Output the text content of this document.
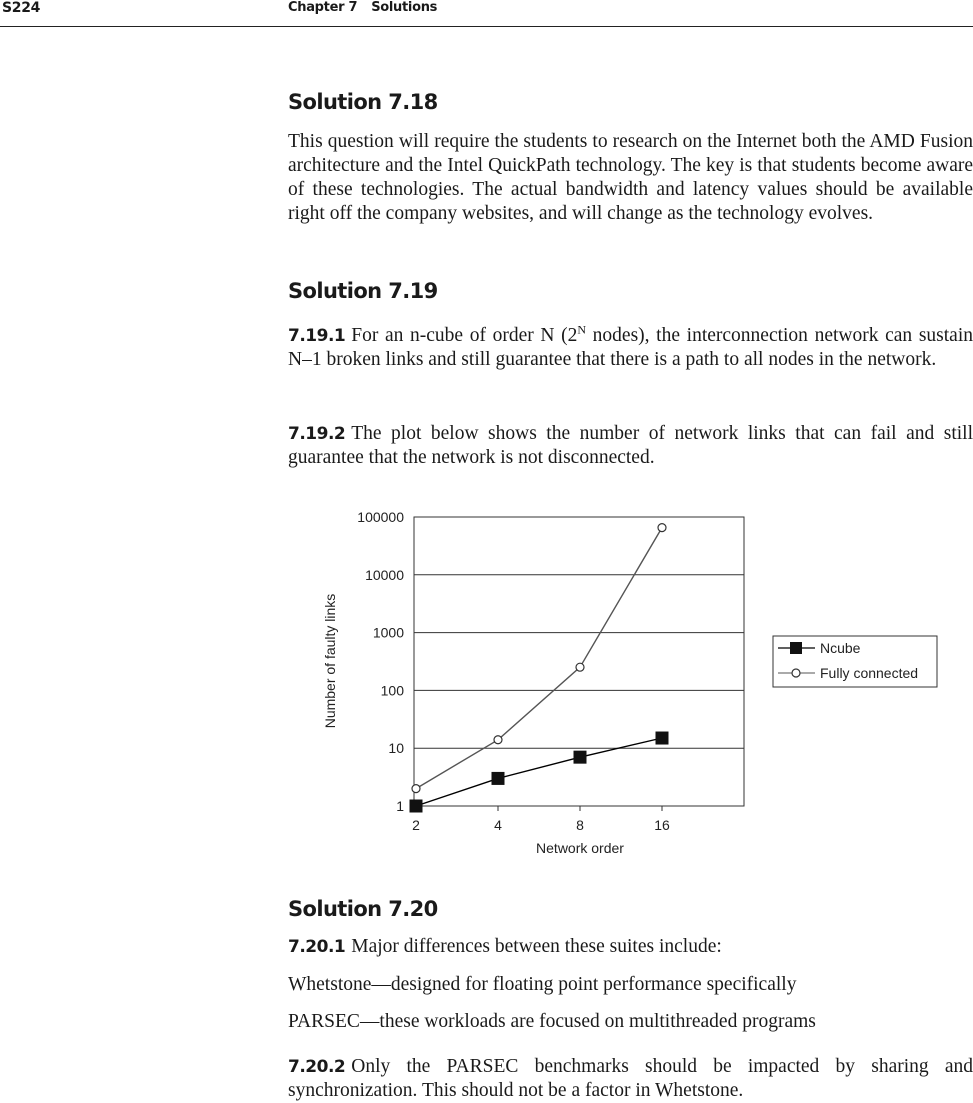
S224	Chapter 7 Solutions
Solution 7.18

This question will require the students to research on the Internet both the AMD Fusion architecture and the Intel QuickPath technology. The key is that students become aware of these technologies. The actual bandwidth and latency values should be available right off the company websites, and will change as the technology evolves.

Solution 7.19

7.19.1 For an n-cube of order N ($2^N$ nodes), the interconnection network can sustain N–1 broken links and still guarantee that there is a path to all nodes in the network.

7.19.2 The plot below shows the number of network links that can fail and still guarantee that the network is not disconnected.

Solution 7.20

7.20.1 Major differences between these suites include:

Whetstone—designed for floating point performance specifically

PARSEC—these workloads are focused on multithreaded programs

7.20.2 Only the PARSEC benchmarks should be impacted by sharing and synchronization. This should not be a factor in Whetstone.

1
10
100
1000
10000
100000
2	4	8	16
Network order
Number of faulty links	Ncube
Fully connected
